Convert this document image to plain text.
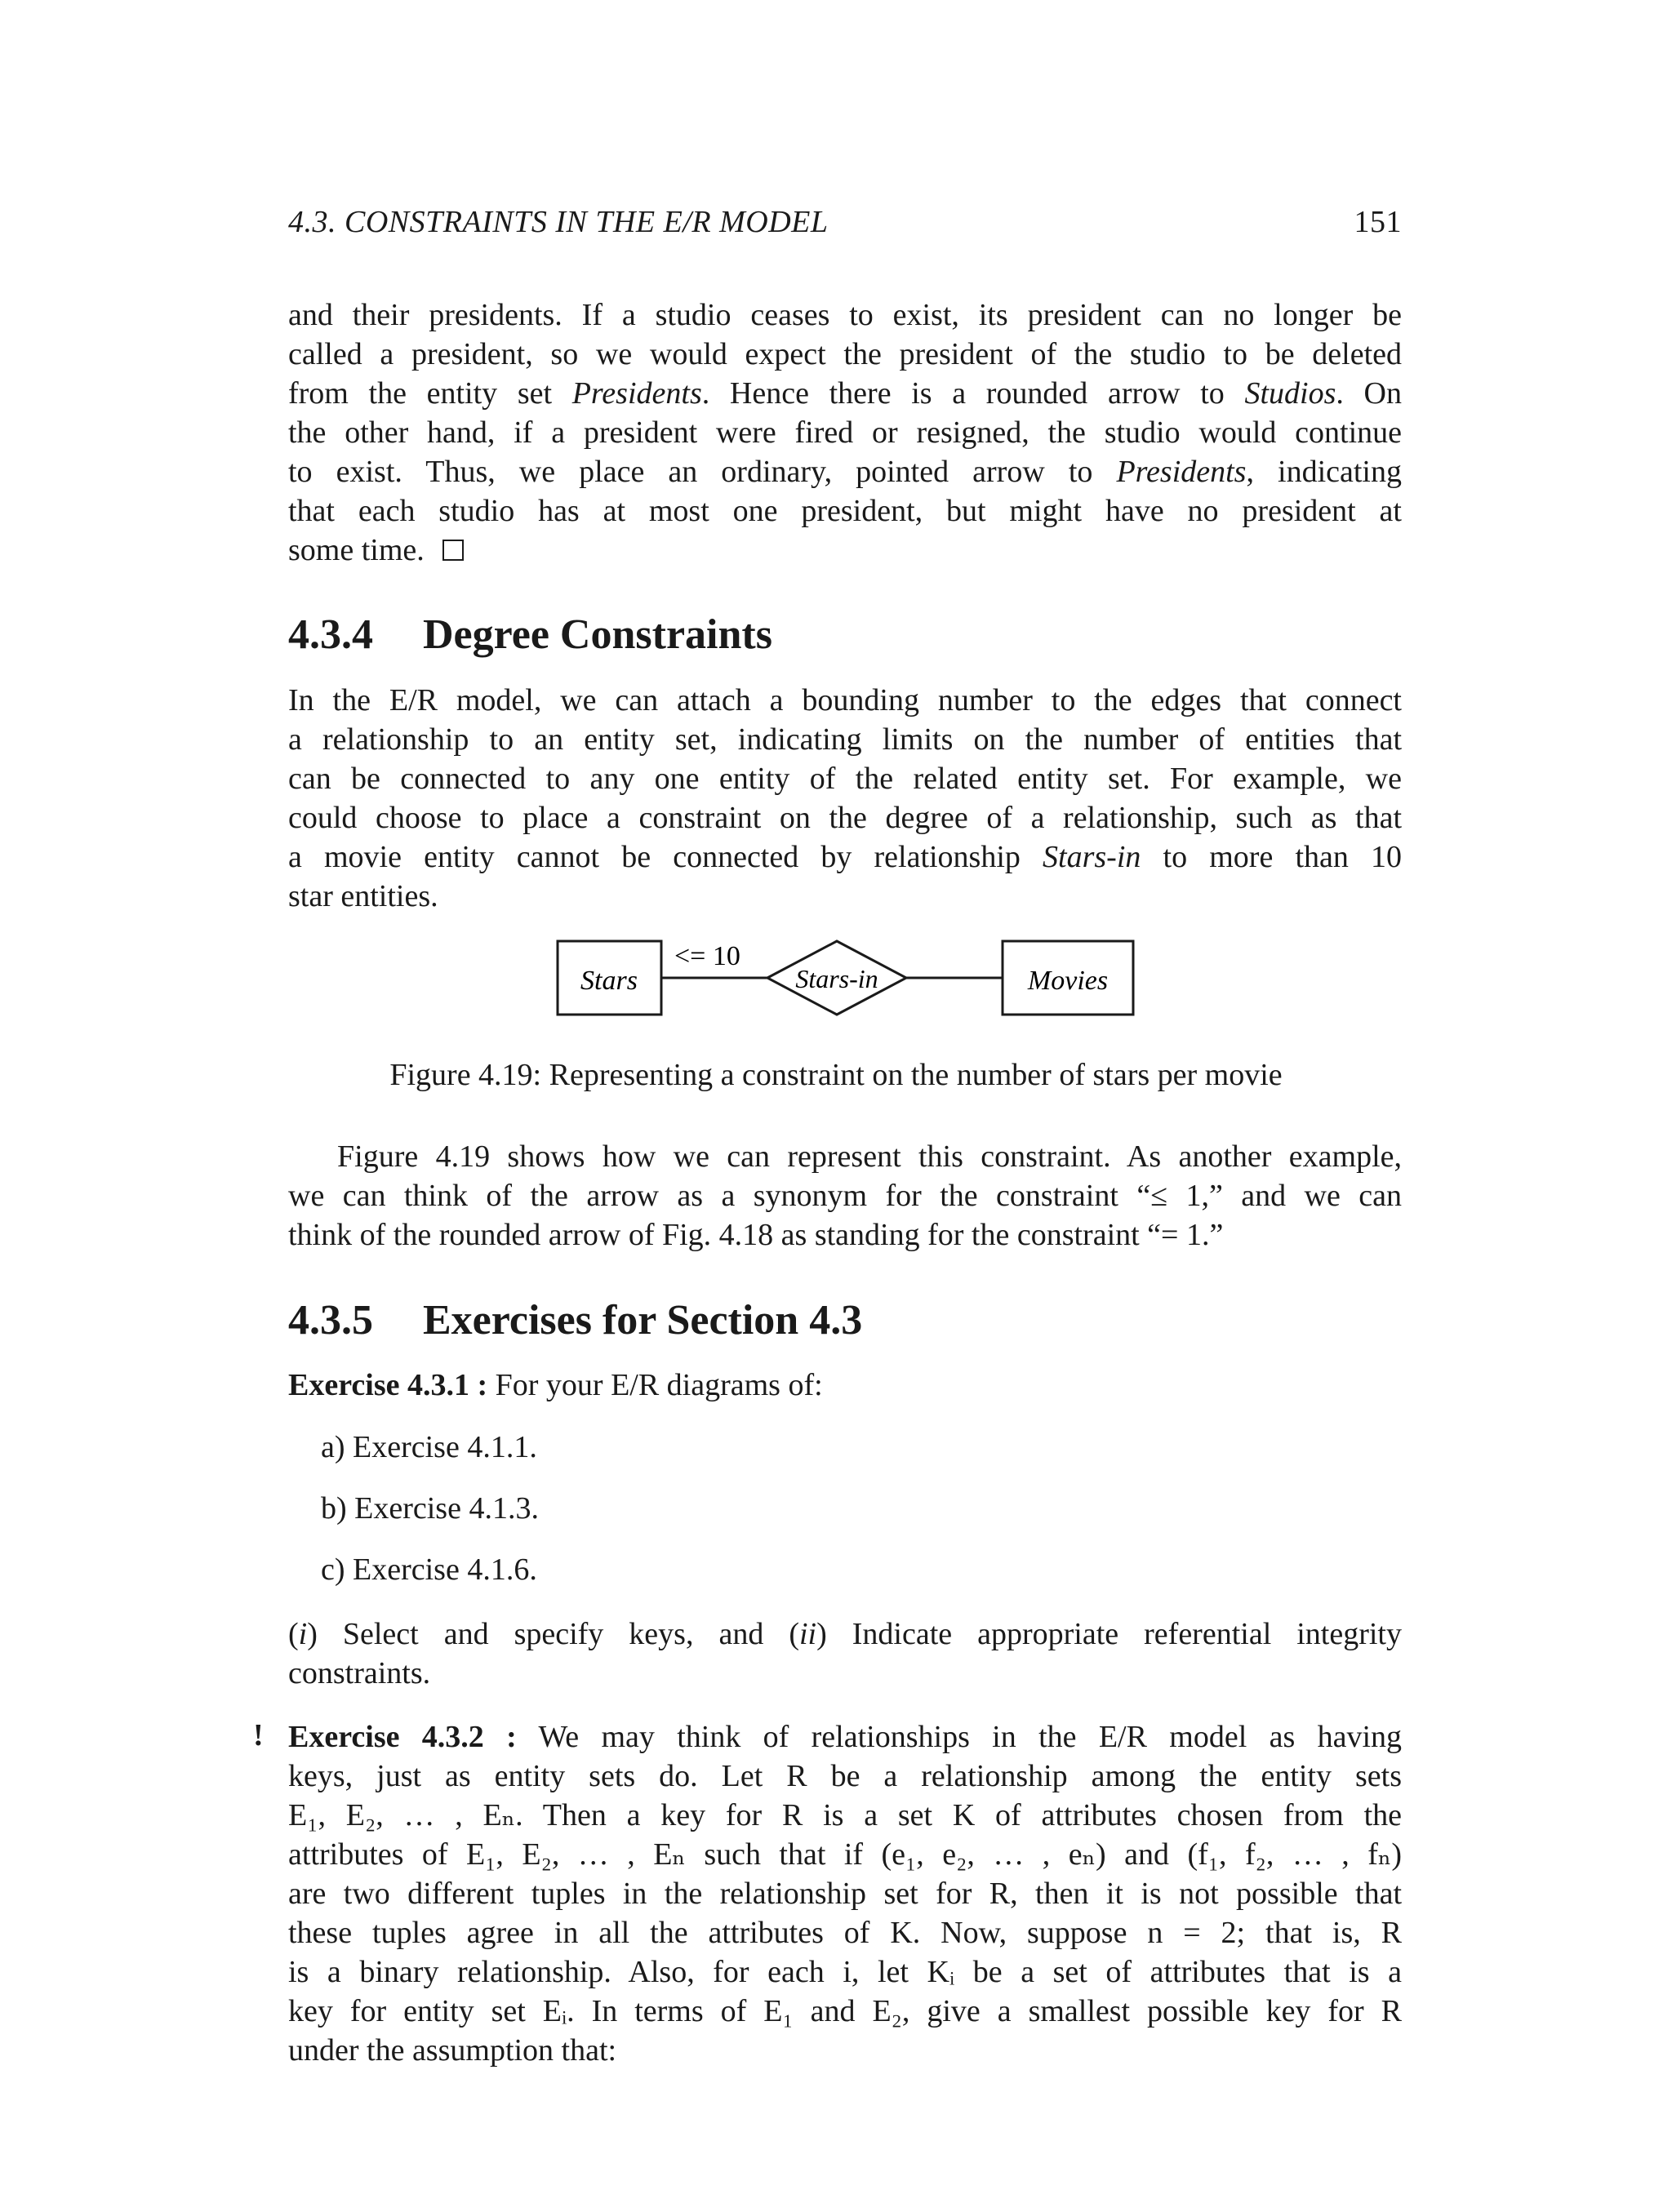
4.3. CONSTRAINTS IN THE E/R MODEL	151
and their presidents. If a studio ceases to exist, its president can no longer be
called a president, so we would expect the president of the studio to be deleted
from the entity set Presidents. Hence there is a rounded arrow to Studios. On
the other hand, if a president were fired or resigned, the studio would continue
to exist. Thus, we place an ordinary, pointed arrow to Presidents, indicating
that each studio has at most one president, but might have no president at
some time.
4.3.4 Degree Constraints
In the E/R model, we can attach a bounding number to the edges that connect
a relationship to an entity set, indicating limits on the number of entities that
can be connected to any one entity of the related entity set. For example, we
could choose to place a constraint on the degree of a relationship, such as that
a movie entity cannot be connected by relationship Stars-in to more than 10
star entities.
Stars
<= 10
Stars-in	Movies
Figure 4.19: Representing a constraint on the number of stars per movie
Figure 4.19 shows how we can represent this constraint. As another example,
we can think of the arrow as a synonym for the constraint “≤ 1,” and we can
think of the rounded arrow of Fig. 4.18 as standing for the constraint “= 1.”
4.3.5 Exercises for Section 4.3
Exercise 4.3.1 : For your E/R diagrams of:
a) Exercise 4.1.1.
b) Exercise 4.1.3.
c) Exercise 4.1.6.
(i) Select and specify keys, and (ii) Indicate appropriate referential integrity
constraints.
! Exercise 4.3.2 : We may think of relationships in the E/R model as having
keys, just as entity sets do. Let R be a relationship among the entity sets
E₁, E₂, … , Eₙ. Then a key for R is a set K of attributes chosen from the
attributes of E₁, E₂, … , Eₙ such that if (e₁, e₂, … , eₙ) and (f₁, f₂, … , fₙ)
are two different tuples in the relationship set for R, then it is not possible that
these tuples agree in all the attributes of K. Now, suppose n = 2; that is, R
is a binary relationship. Also, for each i, let Kᵢ be a set of attributes that is a
key for entity set Eᵢ. In terms of E₁ and E₂, give a smallest possible key for R
under the assumption that:
